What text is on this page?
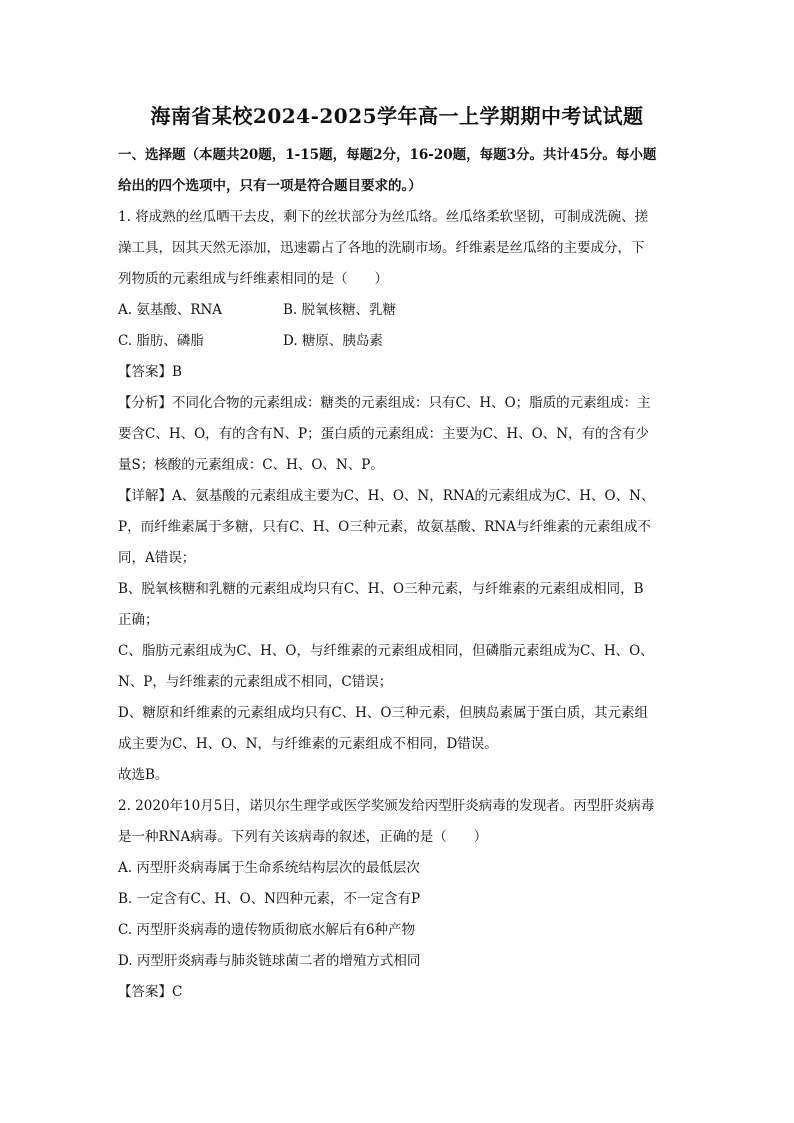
海南省某校2024-2025学年高一上学期期中考试试题
一、选择题（本题共20题，1-15题，每题2分，16-20题，每题3分。共计45分。每小题
给出的四个选项中，只有一项是符合题目要求的。）
1. 将成熟的丝瓜晒干去皮，剩下的丝状部分为丝瓜络。丝瓜络柔软坚韧，可制成洗碗、搓
澡工具，因其天然无添加，迅速霸占了各地的洗刷市场。纤维素是丝瓜络的主要成分，下
列物质的元素组成与纤维素相同的是（　　）
A. 氨基酸、RNA	B. 脱氧核糖、乳糖
C. 脂肪、磷脂	D. 糖原、胰岛素
【答案】B
【分析】不同化合物的元素组成：糖类的元素组成：只有C、H、O；脂质的元素组成：主
要含C、H、O，有的含有N、P；蛋白质的元素组成：主要为C、H、O、N，有的含有少
量S；核酸的元素组成：C、H、O、N、P。
【详解】A、氨基酸的元素组成主要为C、H、O、N，RNA的元素组成为C、H、O、N、
P，而纤维素属于多糖，只有C、H、O三种元素，故氨基酸、RNA与纤维素的元素组成不
同，A错误；
B、脱氧核糖和乳糖的元素组成均只有C、H、O三种元素，与纤维素的元素组成相同，B
正确；
C、脂肪元素组成为C、H、O，与纤维素的元素组成相同，但磷脂元素组成为C、H、O、
N、P，与纤维素的元素组成不相同，C错误；
D、糖原和纤维素的元素组成均只有C、H、O三种元素，但胰岛素属于蛋白质，其元素组
成主要为C、H、O、N，与纤维素的元素组成不相同，D错误。
故选B。
2. 2020年10月5日，诺贝尔生理学或医学奖颁发给丙型肝炎病毒的发现者。丙型肝炎病毒
是一种RNA病毒。下列有关该病毒的叙述，正确的是（　　）
A. 丙型肝炎病毒属于生命系统结构层次的最低层次
B. 一定含有C、H、O、N四种元素，不一定含有P
C. 丙型肝炎病毒的遗传物质彻底水解后有6种产物
D. 丙型肝炎病毒与肺炎链球菌二者的增殖方式相同
【答案】C
